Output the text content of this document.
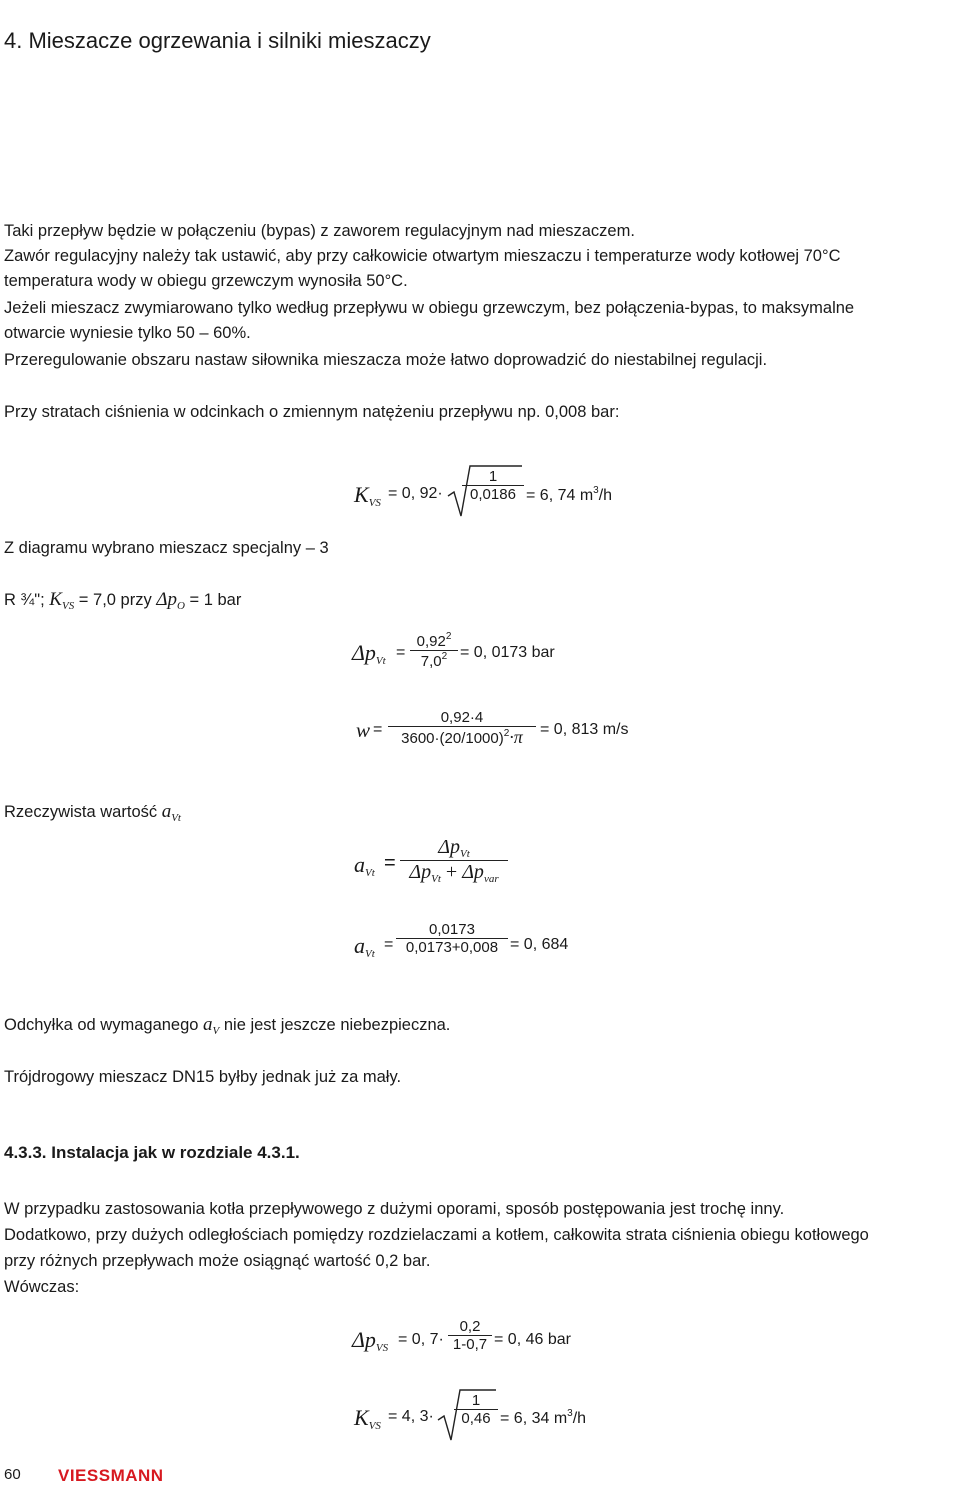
4. Mieszacze ogrzewania i silniki mieszaczy
Taki przepływ będzie w połączeniu (bypas) z zaworem regulacyjnym nad mieszaczem.
Zawór regulacyjny należy tak ustawić, aby przy całkowicie otwartym mieszaczu i temperaturze wody kotłowej 70°C
temperatura wody w obiegu grzewczym wynosiła 50°C.
Jeżeli mieszacz zwymiarowano tylko według przepływu w obiegu grzewczym, bez połączenia-bypas, to maksymalne
otwarcie wyniesie tylko 50 – 60%.
Przeregulowanie obszaru nastaw siłownika mieszacza może łatwo doprowadzić do niestabilnej regulacji.
Przy stratach ciśnienia w odcinkach o zmiennym natężeniu przepływu np. 0,008 bar:
$K_{VS}$
= 0, $92\cdot \frac{1}{0,0186} = 6$, 74 $m^3/h$
Z diagramu wybrano mieszacz specjalny – 3
R ¾"; $K_{VS} = 7,0$ przy $\Delta p_O = 1$ bar
$\Delta p_{Vt} = \frac{0,92^2}{7,0^2} = 0$, 0173 bar
$w = \frac{0,92\cdot 4}{3600\cdot(20/1000)^2\cdot\pi} = 0$, 813 m/s
Rzeczywista wartość $a_{Vt}$
$a_{Vt}$ =
$\Delta p_{Vt}$
$\Delta p_{Vt} + \Delta p_{var}$
$a_{Vt}$
= $\frac{0,0173}{0,0173+0,008} = 0$, 684
Odchyłka od wymaganego $a_V$ nie jest jeszcze niebezpieczna.
Trójdrogowy mieszacz DN15 byłby jednak już za mały.
4.3.3. Instalacja jak w rozdziale 4.3.1.
W przypadku zastosowania kotła przepływowego z dużymi oporami, sposób postępowania jest trochę inny.
Dodatkowo, przy dużych odległościach pomiędzy rozdzielaczami a kotłem, całkowita strata ciśnienia obiegu kotłowego
przy różnych przepływach może osiągnąć wartość 0,2 bar.
Wówczas:
$\Delta p_{VS} = 0$, $7\cdot \frac{0,2}{1-0,7} = 0$, 46 bar
$K_{VS}$
= 4, $3\cdot \frac{1}{0,46} = 6$, 34 $m^3/h$
60 VIESSMANN
